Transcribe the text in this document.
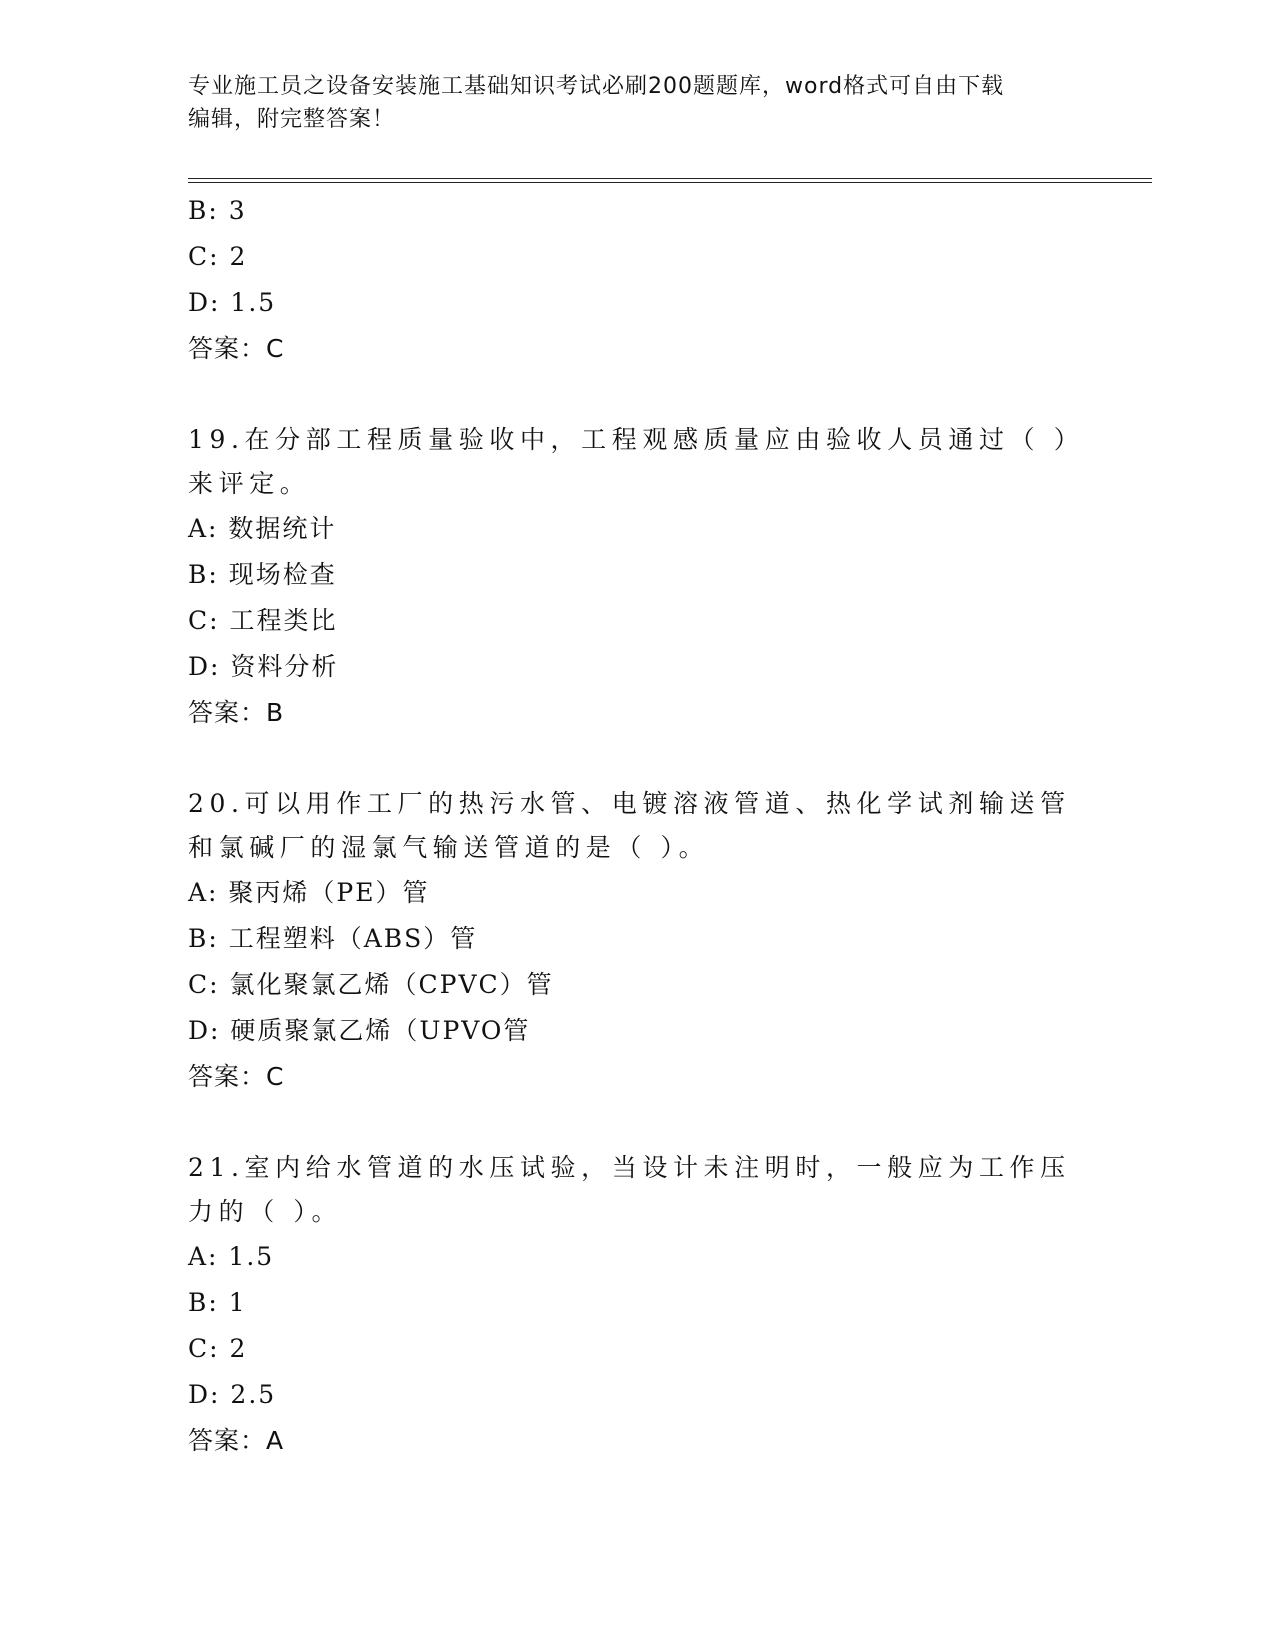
专业施工员之设备安装施工基础知识考试必刷200题题库，word格式可自由下载
编辑，附完整答案！
B: 3
C: 2
D: 1.5
答案：C
19.在分部工程质量验收中，工程观感质量应由验收人员通过（ ）来评定。
A: 数据统计
B: 现场检查
C: 工程类比
D: 资料分析
答案：B
20.可以用作工厂的热污水管、电镀溶液管道、热化学试剂输送管和氯碱厂的湿氯气输送管道的是（ ）。
A: 聚丙烯（PE）管
B: 工程塑料（ABS）管
C: 氯化聚氯乙烯（CPVC）管
D: 硬质聚氯乙烯（UPVO管
答案：C
21.室内给水管道的水压试验，当设计未注明时，一般应为工作压力的（ ）。
A: 1.5
B: 1
C: 2
D: 2.5
答案：A
